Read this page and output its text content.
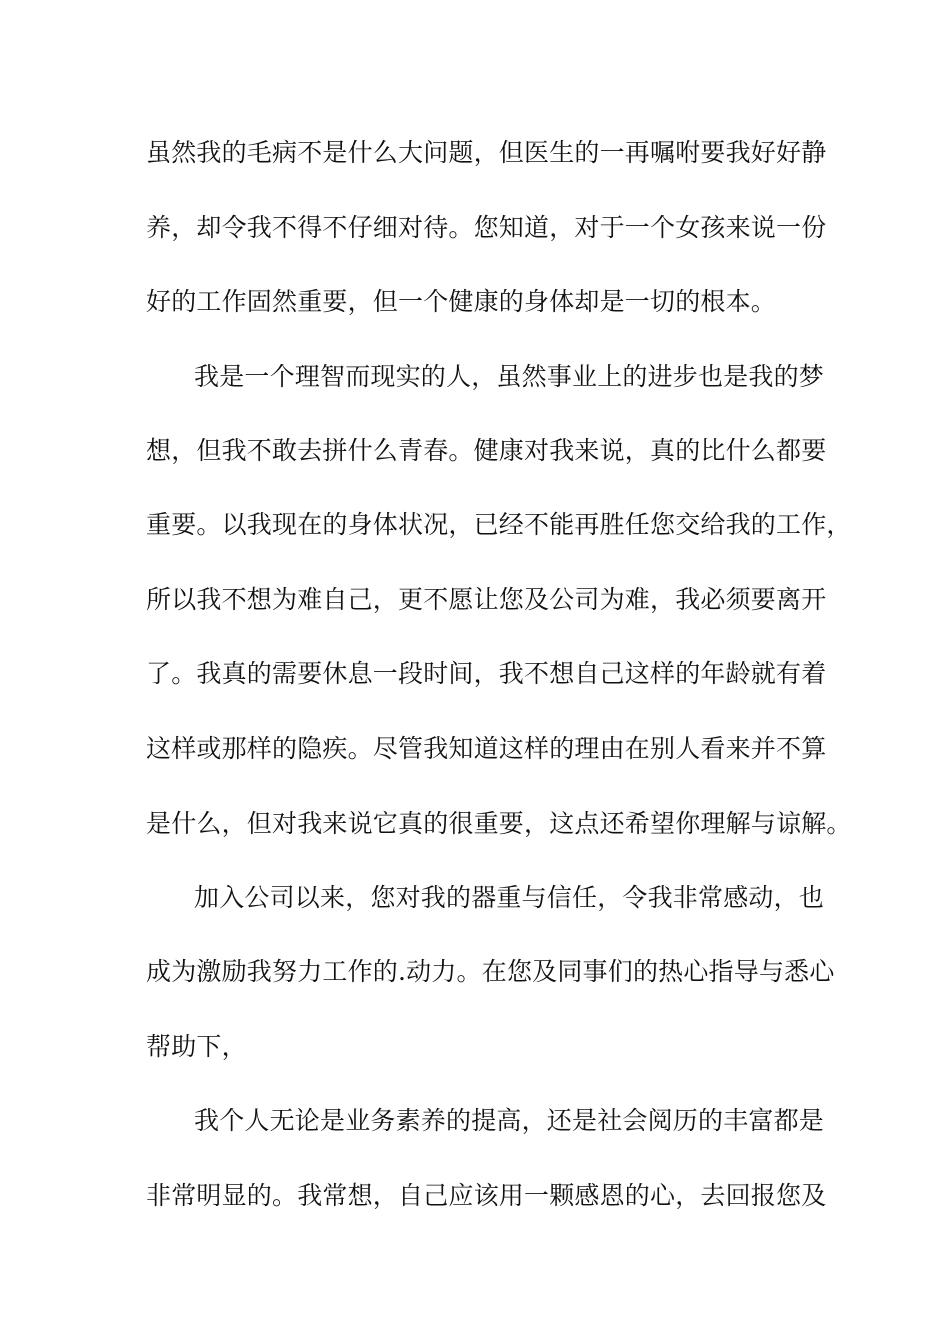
虽然我的毛病不是什么大问题，但医生的一再嘱咐要我好好静
养，却令我不得不仔细对待。您知道，对于一个女孩来说一份
好的工作固然重要，但一个健康的身体却是一切的根本。
我是一个理智而现实的人，虽然事业上的进步也是我的梦
想，但我不敢去拼什么青春。健康对我来说，真的比什么都要
重要。以我现在的身体状况，已经不能再胜任您交给我的工作，
所以我不想为难自己，更不愿让您及公司为难，我必须要离开
了。我真的需要休息一段时间，我不想自己这样的年龄就有着
这样或那样的隐疾。尽管我知道这样的理由在别人看来并不算
是什么，但对我来说它真的很重要，这点还希望你理解与谅解。
加入公司以来，您对我的器重与信任，令我非常感动，也
成为激励我努力工作的.动力。在您及同事们的热心指导与悉心
帮助下，
我个人无论是业务素养的提高，还是社会阅历的丰富都是
非常明显的。我常想，自己应该用一颗感恩的心，去回报您及
